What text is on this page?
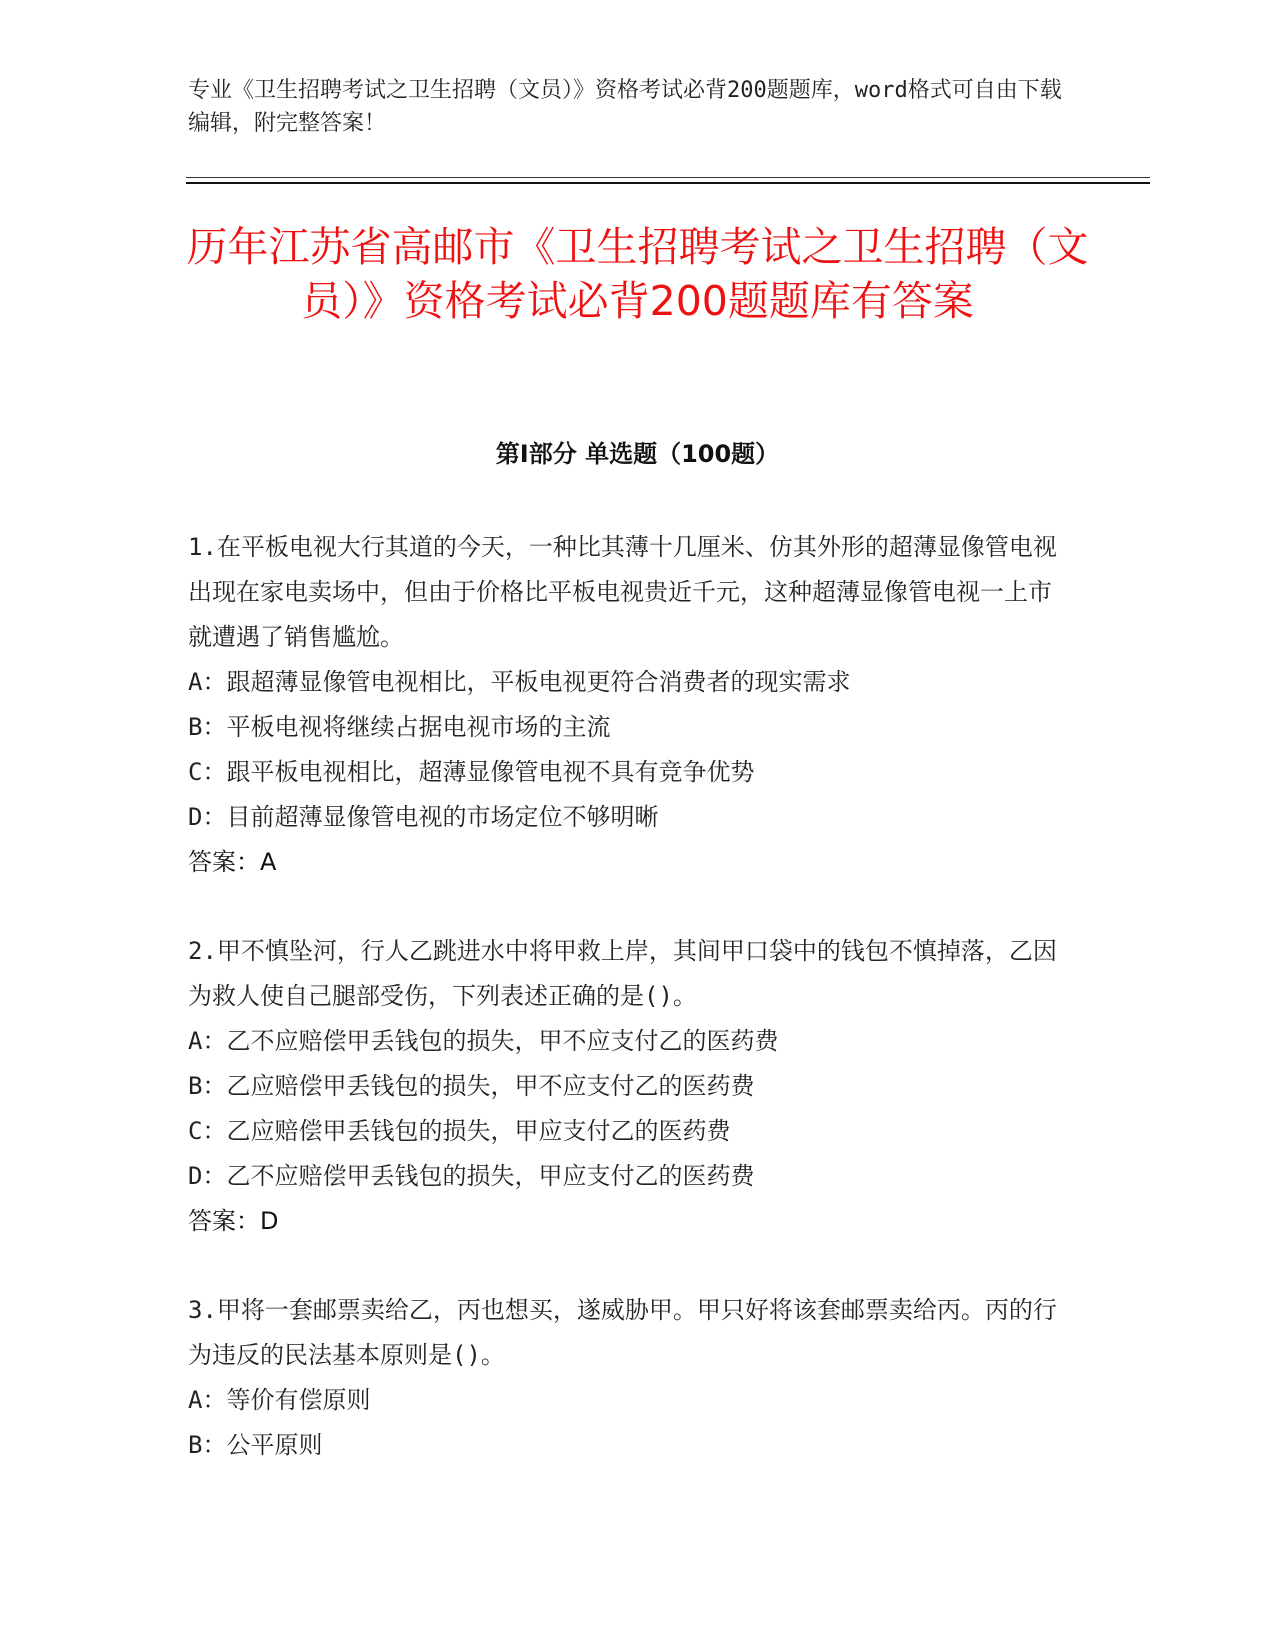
专业《卫生招聘考试之卫生招聘（文员）》资格考试必背200题题库，word格式可自由下载编辑，附完整答案！
历年江苏省高邮市《卫生招聘考试之卫生招聘（文员）》资格考试必背200题题库有答案
第I部分 单选题（100题）
1.在平板电视大行其道的今天，一种比其薄十几厘米、仿其外形的超薄显像管电视出现在家电卖场中，但由于价格比平板电视贵近千元，这种超薄显像管电视一上市就遭遇了销售尴尬。
A：跟超薄显像管电视相比，平板电视更符合消费者的现实需求
B：平板电视将继续占据电视市场的主流
C：跟平板电视相比，超薄显像管电视不具有竞争优势
D：目前超薄显像管电视的市场定位不够明晰
答案：A
2.甲不慎坠河，行人乙跳进水中将甲救上岸，其间甲口袋中的钱包不慎掉落，乙因为救人使自己腿部受伤，下列表述正确的是()。
A：乙不应赔偿甲丢钱包的损失，甲不应支付乙的医药费
B：乙应赔偿甲丢钱包的损失，甲不应支付乙的医药费
C：乙应赔偿甲丢钱包的损失，甲应支付乙的医药费
D：乙不应赔偿甲丢钱包的损失，甲应支付乙的医药费
答案：D
3.甲将一套邮票卖给乙，丙也想买，遂威胁甲。甲只好将该套邮票卖给丙。丙的行为违反的民法基本原则是()。
A：等价有偿原则
B：公平原则
